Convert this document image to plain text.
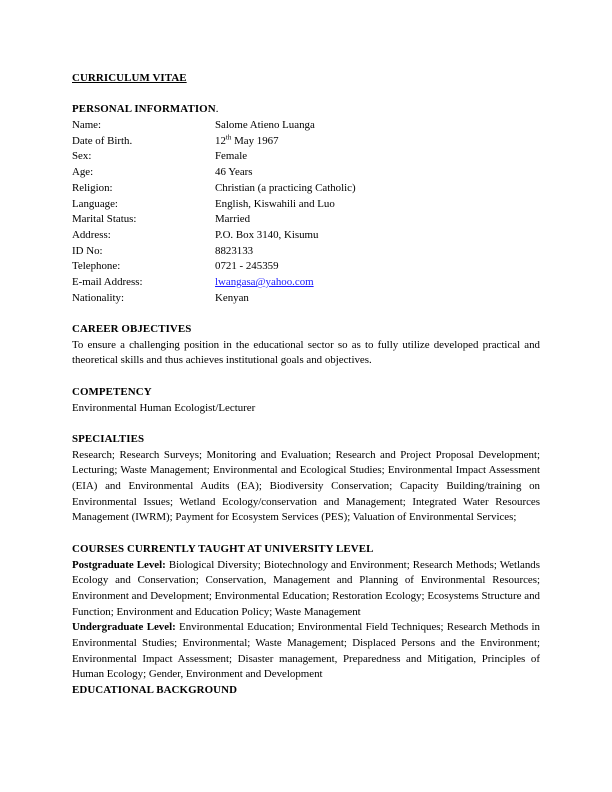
CURRICULUM VITAE
PERSONAL INFORMATION.
Name:	Salome Atieno Luanga
Date of Birth.	12th May 1967
Sex:	Female
Age:	46 Years
Religion:	Christian (a practicing Catholic)
Language:	English, Kiswahili and Luo
Marital Status:	Married
Address:	P.O. Box 3140, Kisumu
ID No:	8823133
Telephone:	0721 - 245359
E-mail Address:	lwangasa@yahoo.com
Nationality:	Kenyan
CAREER OBJECTIVES
To ensure a challenging position in the educational sector so as to fully utilize developed practical and theoretical skills and thus achieves institutional goals and objectives.
COMPETENCY
Environmental Human Ecologist/Lecturer
SPECIALTIES
Research; Research Surveys; Monitoring and Evaluation; Research and Project Proposal Development; Lecturing; Waste Management; Environmental and Ecological Studies; Environmental Impact Assessment (EIA) and Environmental Audits (EA); Biodiversity Conservation; Capacity Building/training on Environmental Issues; Wetland Ecology/conservation and Management; Integrated Water Resources Management (IWRM); Payment for Ecosystem Services (PES); Valuation of Environmental Services;
COURSES CURRENTLY TAUGHT AT UNIVERSITY LEVEL
Postgraduate Level: Biological Diversity; Biotechnology and Environment; Research Methods; Wetlands Ecology and Conservation; Conservation, Management and Planning of Environmental Resources; Environment and Development; Environmental Education; Restoration Ecology; Ecosystems Structure and Function; Environment and Education Policy; Waste Management
Undergraduate Level: Environmental Education; Environmental Field Techniques; Research Methods in Environmental Studies; Environmental; Waste Management; Displaced Persons and the Environment; Environmental Impact Assessment; Disaster management, Preparedness and Mitigation, Principles of Human Ecology; Gender, Environment and Development
EDUCATIONAL BACKGROUND
